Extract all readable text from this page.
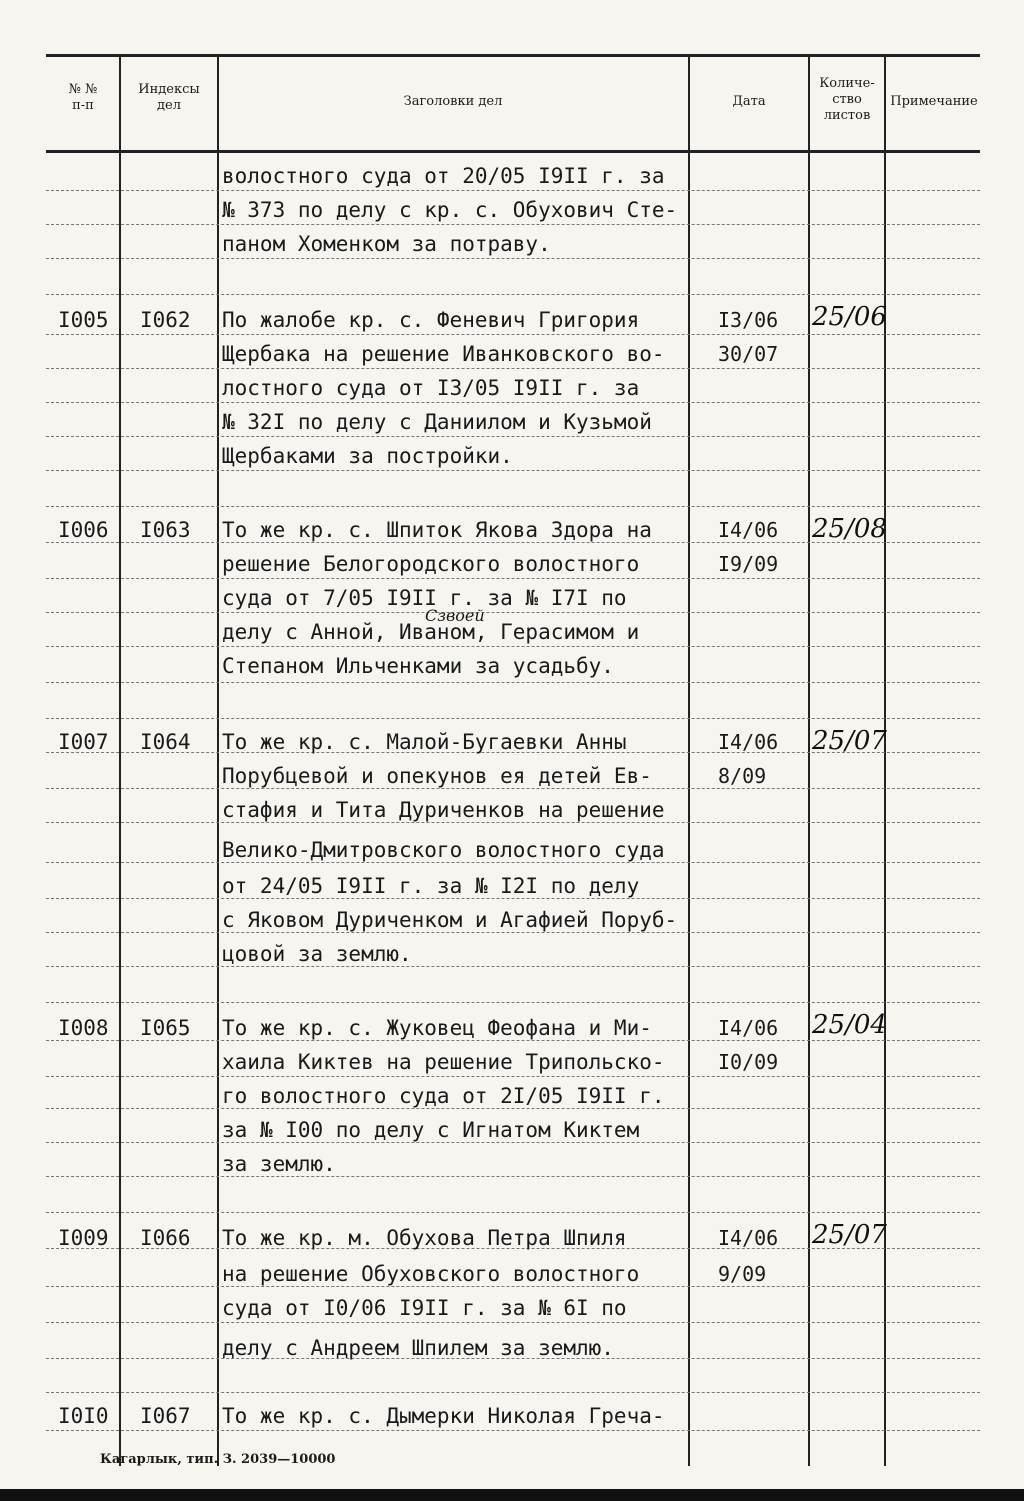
№ №
п-п
Индексы
дел	Заголовки дел	Дата
Количе-
ство
листов
Примечание
волостного суда от 20/05 I9II г. за
№ 373 по делу с кр. с. Обухович Сте-
паном Хоменком за потраву.
I005 I062 По жалобе кр. с. Феневич Григория
Щербака на решение Иванковского во-
лостного суда от I3/05 I9II г. за
№ 32I по делу с Даниилом и Кузьмой
Щербаками за постройки.
I3/06
30/07
25/06
I006 I063 То же кр. с. Шпиток Якова Здора на
решение Белогородского волостного
суда от 7/05 I9II г. за № I7I по
делу с Анной, Иваном, Герасимом и
Степаном Ильченками за усадьбу.
Сзвоей
I4/06
I9/09
25/08
I007 I064 То же кр. с. Малой-Бугаевки Анны
Порубцевой и опекунов ея детей Ев-
стафия и Тита Дуриченков на решение
Велико-Дмитровского волостного суда
от 24/05 I9II г. за № I2I по делу
с Яковом Дуриченком и Агафией Поруб-
цовой за землю.
I4/06
8/09
25/07
I008 I065 То же кр. с. Жуковец Феофана и Ми-
хаила Киктев на решение Трипольско-
го волостного суда от 2I/05 I9II г.
за № I00 по делу с Игнатом Киктем
за землю.
I4/06
I0/09
25/04
I009 I066 То же кр. м. Обухова Петра Шпиля
на решение Обуховского волостного
суда от I0/06 I9II г. за № 6I по
делу с Андреем Шпилем за землю.
I4/06
9/09
25/07
I0I0 I067 То же кр. с. Дымерки Николая Греча-
Кагарлык, тип. З. 2039—10000
